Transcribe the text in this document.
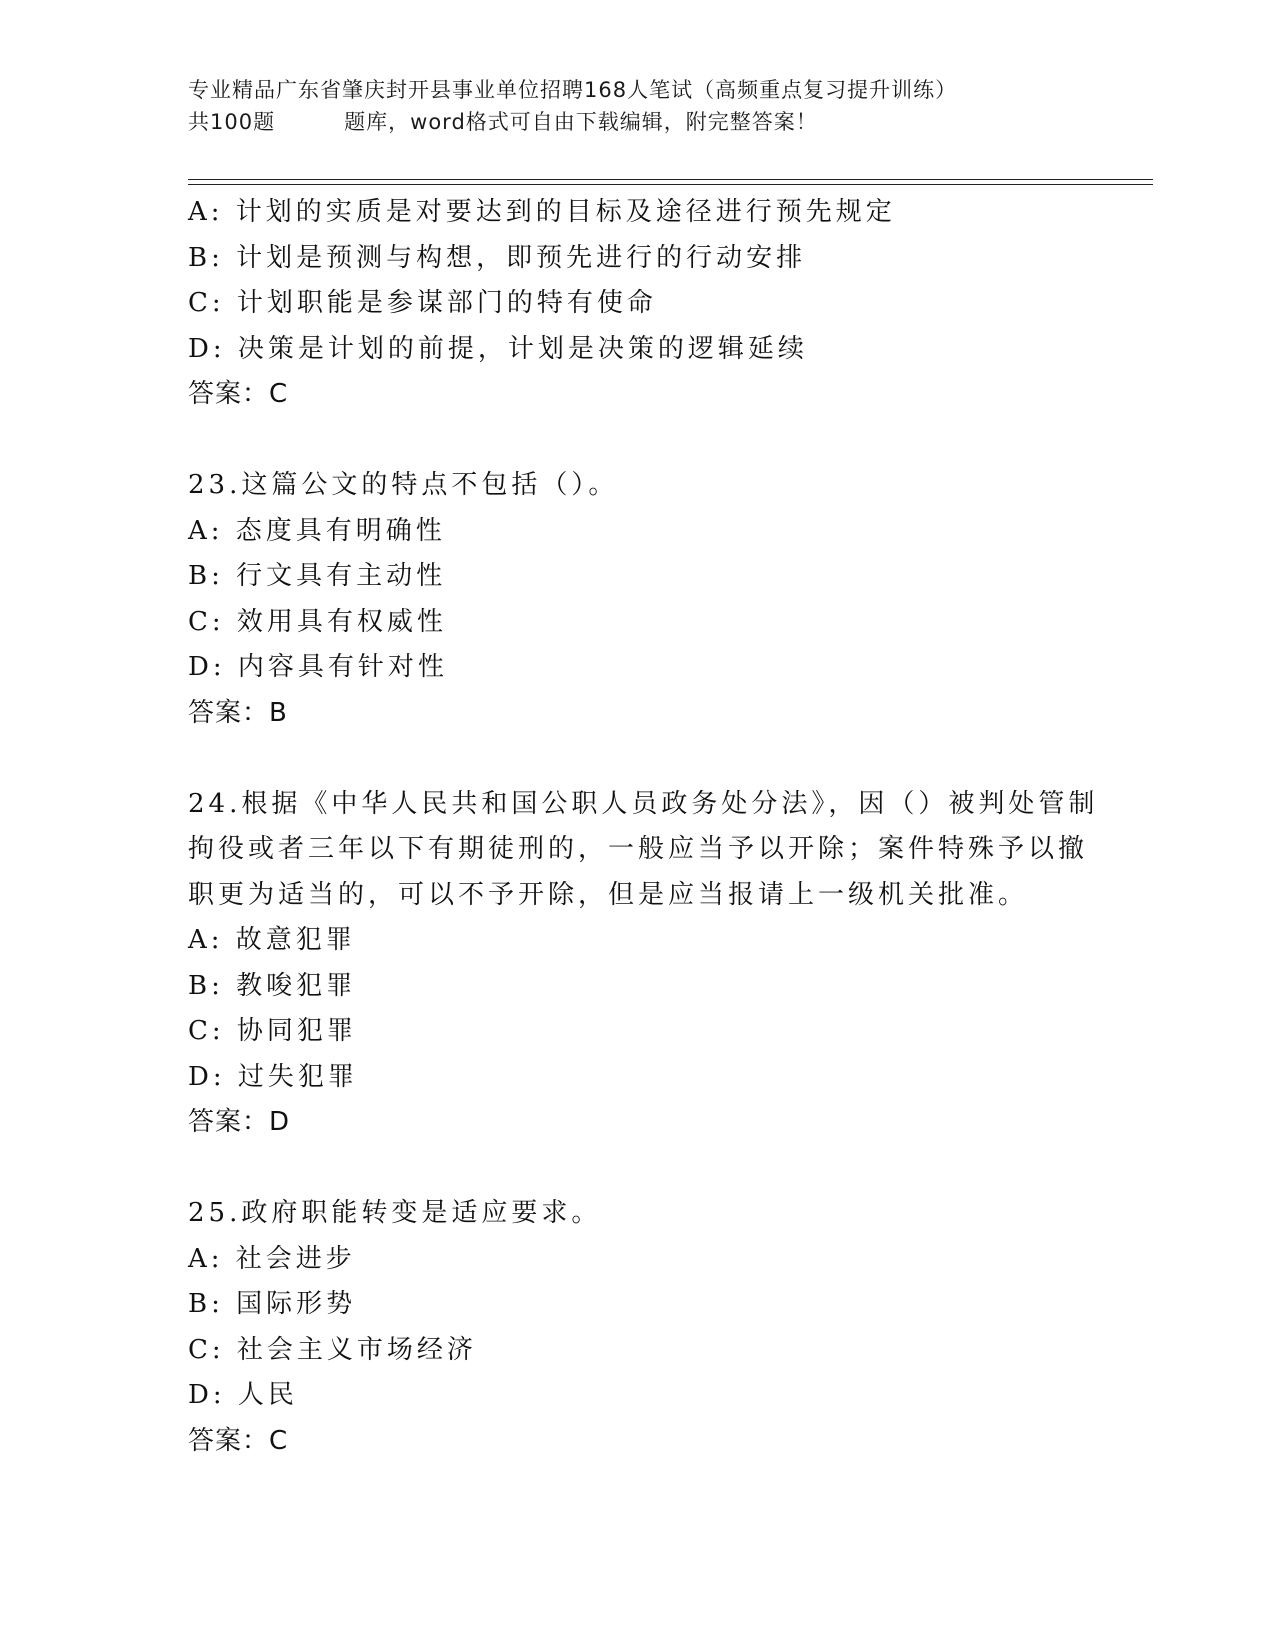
专业精品广东省肇庆封开县事业单位招聘168人笔试（高频重点复习提升训练）
共100题         题库，word格式可自由下载编辑，附完整答案！
A: 计划的实质是对要达到的目标及途径进行预先规定
B: 计划是预测与构想，即预先进行的行动安排
C: 计划职能是参谋部门的特有使命
D: 决策是计划的前提，计划是决策的逻辑延续
答案：C
23.这篇公文的特点不包括（）。
A: 态度具有明确性
B: 行文具有主动性
C: 效用具有权威性
D: 内容具有针对性
答案：B
24.根据《中华人民共和国公职人员政务处分法》，因（）被判处管制
拘役或者三年以下有期徒刑的，一般应当予以开除；案件特殊予以撤
职更为适当的，可以不予开除，但是应当报请上一级机关批准。
A: 故意犯罪
B: 教唆犯罪
C: 协同犯罪
D: 过失犯罪
答案：D
25.政府职能转变是适应要求。
A: 社会进步
B: 国际形势
C: 社会主义市场经济
D: 人民
答案：C
